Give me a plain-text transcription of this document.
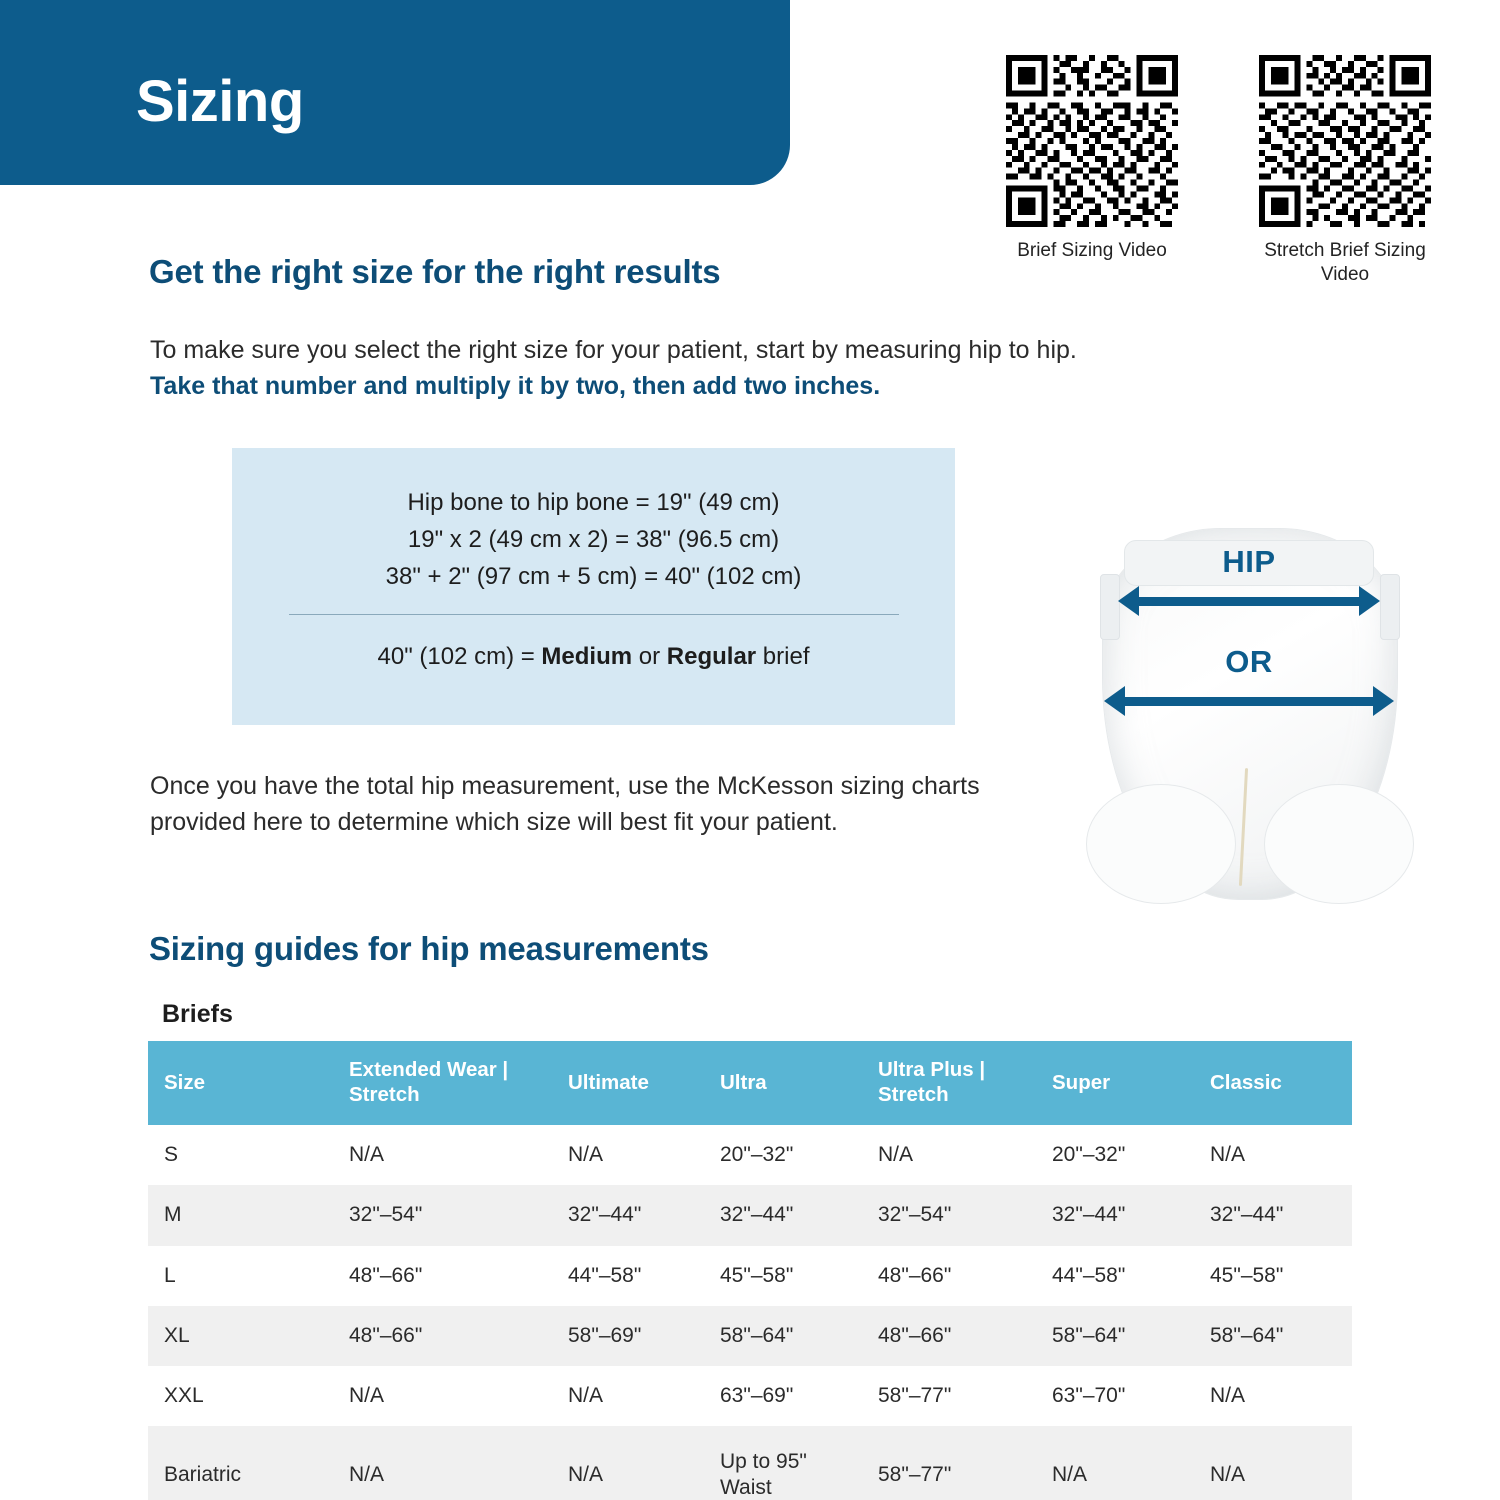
Sizing
Brief Sizing Video	Stretch Brief Sizing Video
Get the right size for the right results
To make sure you select the right size for your patient, start by measuring hip to hip. Take that number and multiply it by two, then add two inches.
Hip bone to hip bone = 19" (49 cm)
19" x 2 (49 cm x 2) = 38" (96.5 cm)
38" + 2" (97 cm + 5 cm) = 40" (102 cm)
40" (102 cm) = Medium or Regular brief
Once you have the total hip measurement, use the McKesson sizing charts provided here to determine which size will best fit your patient.
HIP
OR
Sizing guides for hip measurements
Briefs
Size	Extended Wear | Stretch	Ultimate	Ultra	Ultra Plus | Stretch	Super	Classic
S	N/A	N/A	20"–32"	N/A	20"–32"	N/A
M	32"–54"	32"–44"	32"–44"	32"–54"	32"–44"	32"–44"
L	48"–66"	44"–58"	45"–58"	48"–66"	44"–58"	45"–58"
XL	48"–66"	58"–69"	58"–64"	48"–66"	58"–64"	58"–64"
XXL	N/A	N/A	63"–69"	58"–77"	63"–70"	N/A
Bariatric	N/A	N/A	Up to 95" Waist	58"–77"	N/A	N/A
